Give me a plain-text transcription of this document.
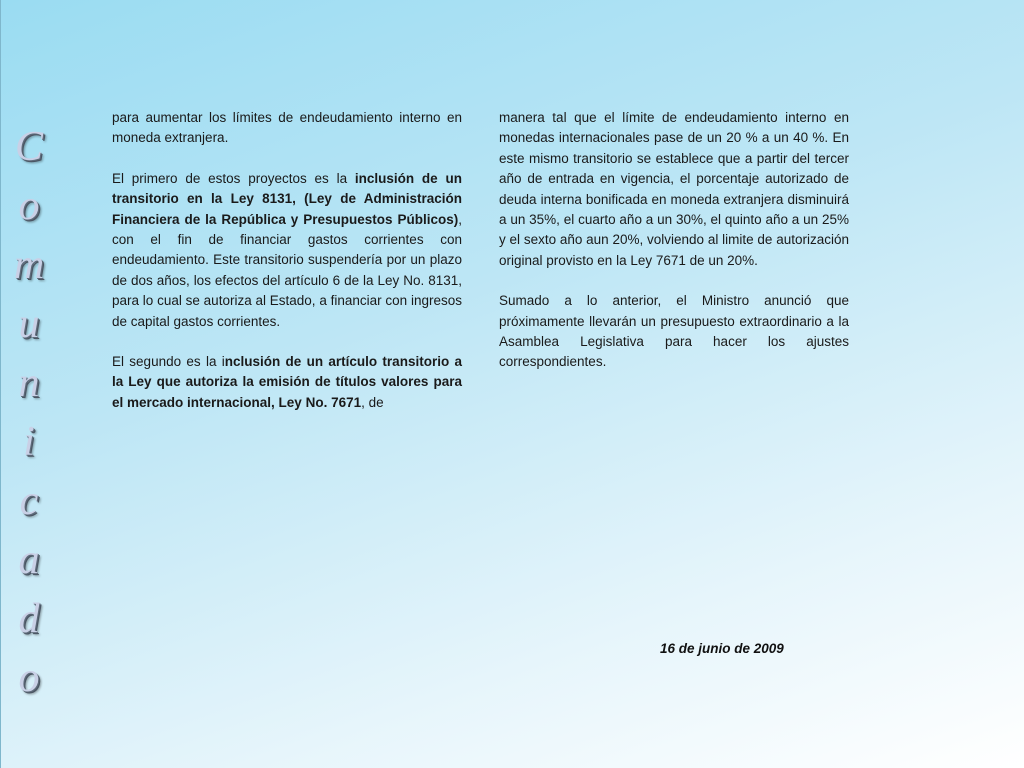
C
o
m
u
n
i
c
a
d
o

para aumentar los límites de endeudamiento interno en moneda extranjera.

El primero de estos proyectos es la inclusión de un transitorio en la Ley 8131, (Ley de Administración Financiera de la República y Presupuestos Públicos), con el fin de financiar gastos corrientes con endeudamiento. Este transitorio suspendería por un plazo de dos años, los efectos del artículo 6 de la Ley No. 8131, para lo cual se autoriza al Estado, a financiar con ingresos de capital gastos corrientes.

El segundo es la inclusión de un artículo transitorio a la Ley que autoriza la emisión de títulos valores para el mercado internacional, Ley No. 7671, de

manera tal que el límite de endeudamiento interno en monedas internacionales pase de un 20 % a un 40 %. En este mismo transitorio se establece que a partir del tercer año de entrada en vigencia, el porcentaje autorizado de deuda interna bonificada en moneda extranjera disminuirá a un 35%, el cuarto año a un 30%, el quinto año a un 25% y el sexto año aun 20%, volviendo al limite de autorización original provisto en la Ley 7671 de un 20%.

Sumado a lo anterior, el Ministro anunció que próximamente llevarán un presupuesto extraordinario a la Asamblea Legislativa para hacer los ajustes correspondientes.

16 de junio de 2009
